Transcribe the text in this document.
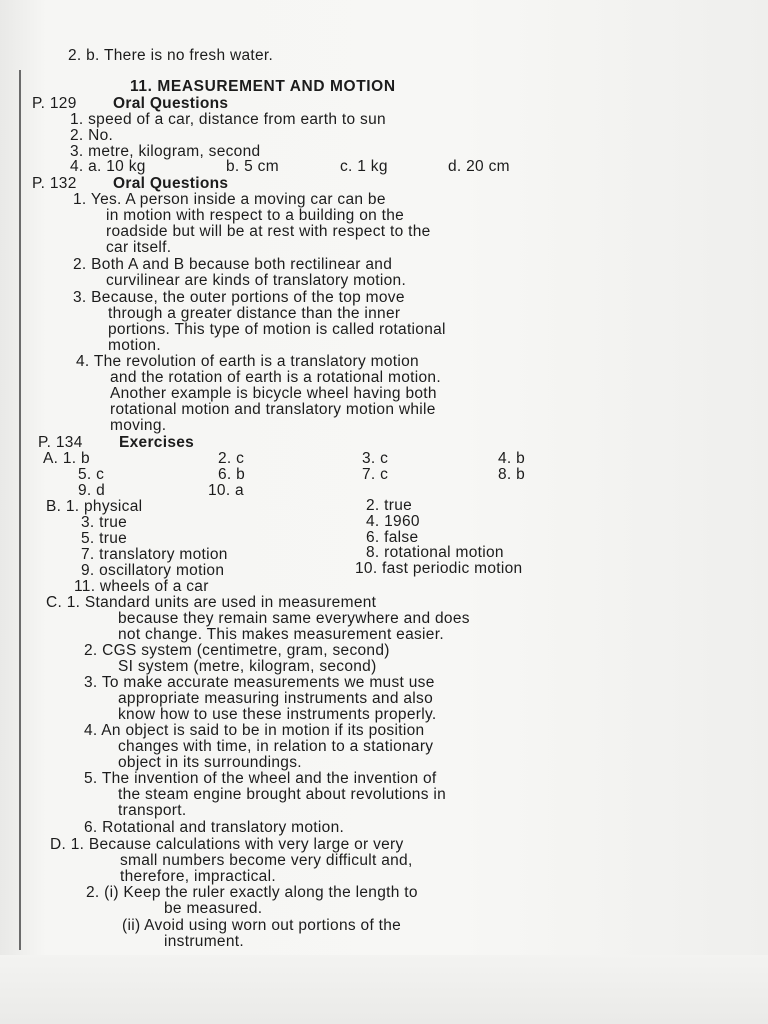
2. b. There is no fresh water.
11. MEASUREMENT AND MOTION
P. 129 Oral Questions
1. speed of a car, distance from earth to sun
2. No.
3. metre, kilogram, second
4. a. 10 kg	b. 5 cm	c. 1 kg	d. 20 cm
P. 132 Oral Questions
1. Yes. A person inside a moving car can be
in motion with respect to a building on the
roadside but will be at rest with respect to the
car itself.
2. Both A and B because both rectilinear and
curvilinear are kinds of translatory motion.
3. Because, the outer portions of the top move
through a greater distance than the inner
portions. This type of motion is called rotational
motion.
4. The revolution of earth is a translatory motion
and the rotation of earth is a rotational motion.
Another example is bicycle wheel having both
rotational motion and translatory motion while
moving.
P. 134 Exercises
A. 1. b	2. c	3. c	4. b
5. c	6. b	7. c	8. b
9. d	10. a
B. 1. physical	2. true
3. true	4. 1960
5. true	6. false
7. translatory motion	8. rotational motion
9. oscillatory motion	10. fast periodic motion
11. wheels of a car
C. 1. Standard units are used in measurement
because they remain same everywhere and does
not change. This makes measurement easier.
2. CGS system (centimetre, gram, second)
SI system (metre, kilogram, second)
3. To make accurate measurements we must use
appropriate measuring instruments and also
know how to use these instruments properly.
4. An object is said to be in motion if its position
changes with time, in relation to a stationary
object in its surroundings.
5. The invention of the wheel and the invention of
the steam engine brought about revolutions in
transport.
6. Rotational and translatory motion.
D. 1. Because calculations with very large or very
small numbers become very difficult and,
therefore, impractical.
2. (i) Keep the ruler exactly along the length to
be measured.
(ii) Avoid using worn out portions of the
instrument.
